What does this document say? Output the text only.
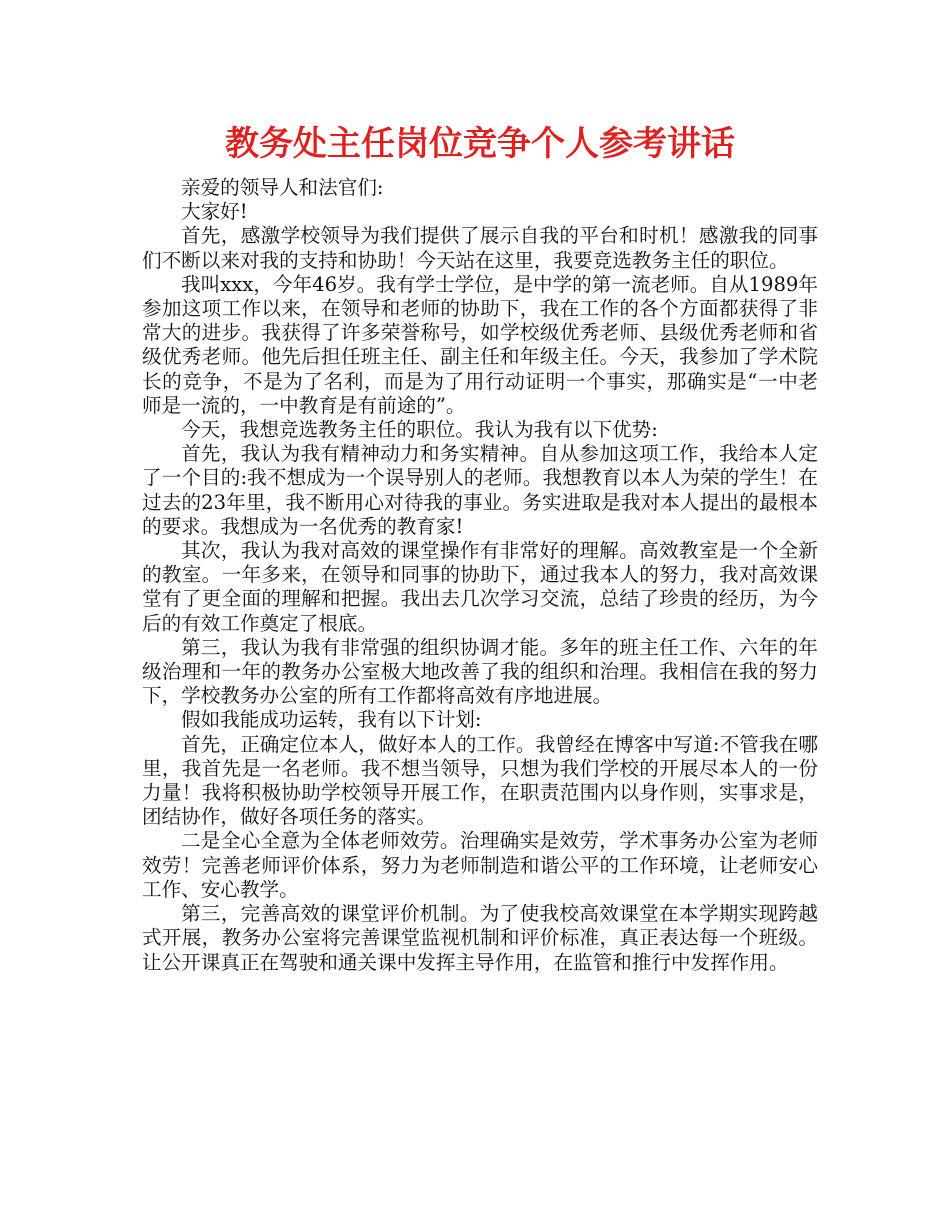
教务处主任岗位竞争个人参考讲话

亲爱的领导人和法官们:

大家好!

首先，感激学校领导为我们提供了展示自我的平台和时机！感激我的同事们不断以来对我的支持和协助！今天站在这里，我要竞选教务主任的职位。

我叫xxx，今年46岁。我有学士学位，是中学的第一流老师。自从1989年参加这项工作以来，在领导和老师的协助下，我在工作的各个方面都获得了非常大的进步。我获得了许多荣誉称号，如学校级优秀老师、县级优秀老师和省级优秀老师。他先后担任班主任、副主任和年级主任。今天，我参加了学术院长的竞争，不是为了名利，而是为了用行动证明一个事实，那确实是“一中老师是一流的，一中教育是有前途的”。

今天，我想竞选教务主任的职位。我认为我有以下优势:

首先，我认为我有精神动力和务实精神。自从参加这项工作，我给本人定了一个目的:我不想成为一个误导别人的老师。我想教育以本人为荣的学生！在过去的23年里，我不断用心对待我的事业。务实进取是我对本人提出的最根本的要求。我想成为一名优秀的教育家!

其次，我认为我对高效的课堂操作有非常好的理解。高效教室是一个全新的教室。一年多来，在领导和同事的协助下，通过我本人的努力，我对高效课堂有了更全面的理解和把握。我出去几次学习交流，总结了珍贵的经历，为今后的有效工作奠定了根底。

第三，我认为我有非常强的组织协调才能。多年的班主任工作、六年的年级治理和一年的教务办公室极大地改善了我的组织和治理。我相信在我的努力下，学校教务办公室的所有工作都将高效有序地进展。

假如我能成功运转，我有以下计划:

首先，正确定位本人，做好本人的工作。我曾经在博客中写道:不管我在哪里，我首先是一名老师。我不想当领导，只想为我们学校的开展尽本人的一份力量！我将积极协助学校领导开展工作，在职责范围内以身作则，实事求是，团结协作，做好各项任务的落实。

二是全心全意为全体老师效劳。治理确实是效劳，学术事务办公室为老师效劳！完善老师评价体系，努力为老师制造和谐公平的工作环境，让老师安心工作、安心教学。

第三，完善高效的课堂评价机制。为了使我校高效课堂在本学期实现跨越式开展，教务办公室将完善课堂监视机制和评价标准，真正表达每一个班级。让公开课真正在驾驶和通关课中发挥主导作用，在监管和推行中发挥作用。
